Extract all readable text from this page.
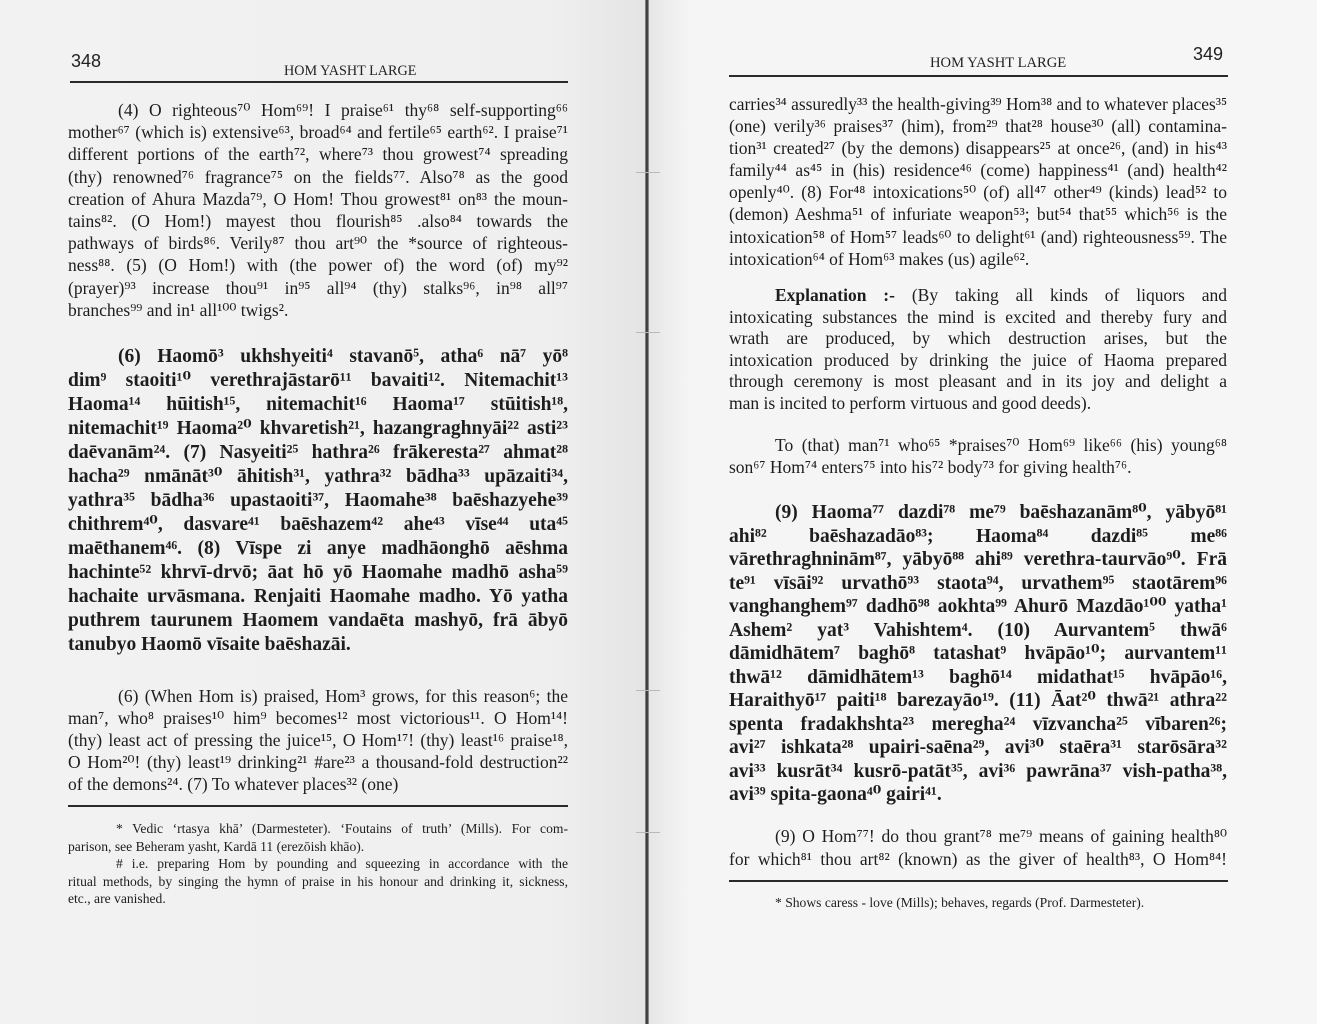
348	HOM YASHT LARGE
(4) O righteous⁷⁰ Hom⁶⁹! I praise⁶¹ thy⁶⁸ self-supporting⁶⁶
mother⁶⁷ (which is) extensive⁶³, broad⁶⁴ and fertile⁶⁵ earth⁶². I praise⁷¹
different portions of the earth⁷², where⁷³ thou growest⁷⁴ spreading
(thy) renowned⁷⁶ fragrance⁷⁵ on the fields⁷⁷. Also⁷⁸ as the good
creation of Ahura Mazda⁷⁹, O Hom! Thou growest⁸¹ on⁸³ the moun-
tains⁸². (O Hom!) mayest thou flourish⁸⁵ .also⁸⁴ towards the
pathways of birds⁸⁶. Verily⁸⁷ thou art⁹⁰ the *source of righteous-
ness⁸⁸. (5) (O Hom!) with (the power of) the word (of) my⁹²
(prayer)⁹³ increase thou⁹¹ in⁹⁵ all⁹⁴ (thy) stalks⁹⁶, in⁹⁸ all⁹⁷
branches⁹⁹ and in¹ all¹⁰⁰ twigs².
(6) Haomō³ ukhshyeiti⁴ stavanō⁵, atha⁶ nā⁷ yō⁸
dim⁹ staoiti¹⁰ verethrajāstarō¹¹ bavaiti¹². Nitemachit¹³
Haoma¹⁴ hūitish¹⁵, nitemachit¹⁶ Haoma¹⁷ stūitish¹⁸,
nitemachit¹⁹ Haoma²⁰ khvaretish²¹, hazangraghnyāi²² asti²³
daēvanām²⁴. (7) Nasyeiti²⁵ hathra²⁶ frākeresta²⁷ ahmat²⁸
hacha²⁹ nmānāt³⁰ āhitish³¹, yathra³² bādha³³ upāzaiti³⁴,
yathra³⁵ bādha³⁶ upastaoiti³⁷, Haomahe³⁸ baēshazyehe³⁹
chithrem⁴⁰, dasvare⁴¹ baēshazem⁴² ahe⁴³ vīse⁴⁴ uta⁴⁵
maēthanem⁴⁶. (8) Vīspe zi anye madhāonghō aēshma
hachinte⁵² khrvī-drvō; āat hō yō Haomahe madhō asha⁵⁹
hachaite urvāsmana. Renjaiti Haomahe madho. Yō yatha
puthrem taurunem Haomem vandaēta mashyō, frā ābyō
tanubyo Haomō vīsaite baēshazāi.
(6) (When Hom is) praised, Hom³ grows, for this reason⁶; the
man⁷, who⁸ praises¹⁰ him⁹ becomes¹² most victorious¹¹. O Hom¹⁴!
(thy) least act of pressing the juice¹⁵, O Hom¹⁷! (thy) least¹⁶ praise¹⁸,
O Hom²⁰! (thy) least¹⁹ drinking²¹ #are²³ a thousand-fold destruction²²
of the demons²⁴. (7) To whatever places³² (one)
* Vedic ‘rtasya khā’ (Darmesteter). ‘Foutains of truth’ (Mills). For com-
parison, see Beheram yasht, Kardā 11 (erezōish khāo).
# i.e. preparing Hom by pounding and squeezing in accordance with the
ritual methods, by singing the hymn of praise in his honour and drinking it, sickness,
etc., are vanished.
HOM YASHT LARGE	349
carries³⁴ assuredly³³ the health-giving³⁹ Hom³⁸ and to whatever places³⁵
(one) verily³⁶ praises³⁷ (him), from²⁹ that²⁸ house³⁰ (all) contamina-
tion³¹ created²⁷ (by the demons) disappears²⁵ at once²⁶, (and) in his⁴³
family⁴⁴ as⁴⁵ in (his) residence⁴⁶ (come) happiness⁴¹ (and) health⁴²
openly⁴⁰. (8) For⁴⁸ intoxications⁵⁰ (of) all⁴⁷ other⁴⁹ (kinds) lead⁵² to
(demon) Aeshma⁵¹ of infuriate weapon⁵³; but⁵⁴ that⁵⁵ which⁵⁶ is the
intoxication⁵⁸ of Hom⁵⁷ leads⁶⁰ to delight⁶¹ (and) righteousness⁵⁹. The
intoxication⁶⁴ of Hom⁶³ makes (us) agile⁶².
Explanation :- (By taking all kinds of liquors and
intoxicating substances the mind is excited and thereby fury and
wrath are produced, by which destruction arises, but the
intoxication produced by drinking the juice of Haoma prepared
through ceremony is most pleasant and in its joy and delight a
man is incited to perform virtuous and good deeds).
To (that) man⁷¹ who⁶⁵ *praises⁷⁰ Hom⁶⁹ like⁶⁶ (his) young⁶⁸
son⁶⁷ Hom⁷⁴ enters⁷⁵ into his⁷² body⁷³ for giving health⁷⁶.
(9) Haoma⁷⁷ dazdi⁷⁸ me⁷⁹ baēshazanām⁸⁰, yābyō⁸¹
ahi⁸² baēshazadāo⁸³; Haoma⁸⁴ dazdi⁸⁵ me⁸⁶
vārethraghninām⁸⁷, yābyō⁸⁸ ahi⁸⁹ verethra-taurvāo⁹⁰. Frā
te⁹¹ vīsāi⁹² urvathō⁹³ staota⁹⁴, urvathem⁹⁵ staotārem⁹⁶
vanghanghem⁹⁷ dadhō⁹⁸ aokhta⁹⁹ Ahurō Mazdāo¹⁰⁰ yatha¹
Ashem² yat³ Vahishtem⁴. (10) Aurvantem⁵ thwā⁶
dāmidhātem⁷ baghō⁸ tatashat⁹ hvāpāo¹⁰; aurvantem¹¹
thwā¹² dāmidhātem¹³ baghō¹⁴ midathat¹⁵ hvāpāo¹⁶,
Haraithyō¹⁷ paiti¹⁸ barezayāo¹⁹. (11) Āat²⁰ thwā²¹ athra²²
spenta fradakhshta²³ meregha²⁴ vīzvancha²⁵ vībaren²⁶;
avi²⁷ ishkata²⁸ upairi-saēna²⁹, avi³⁰ staēra³¹ starōsāra³²
avi³³ kusrāt³⁴ kusrō-patāt³⁵, avi³⁶ pawrāna³⁷ vish-patha³⁸,
avi³⁹ spita-gaona⁴⁰ gairi⁴¹.
(9) O Hom⁷⁷! do thou grant⁷⁸ me⁷⁹ means of gaining health⁸⁰
for which⁸¹ thou art⁸² (known) as the giver of health⁸³, O Hom⁸⁴!
* Shows caress - love (Mills); behaves, regards (Prof. Darmesteter).
